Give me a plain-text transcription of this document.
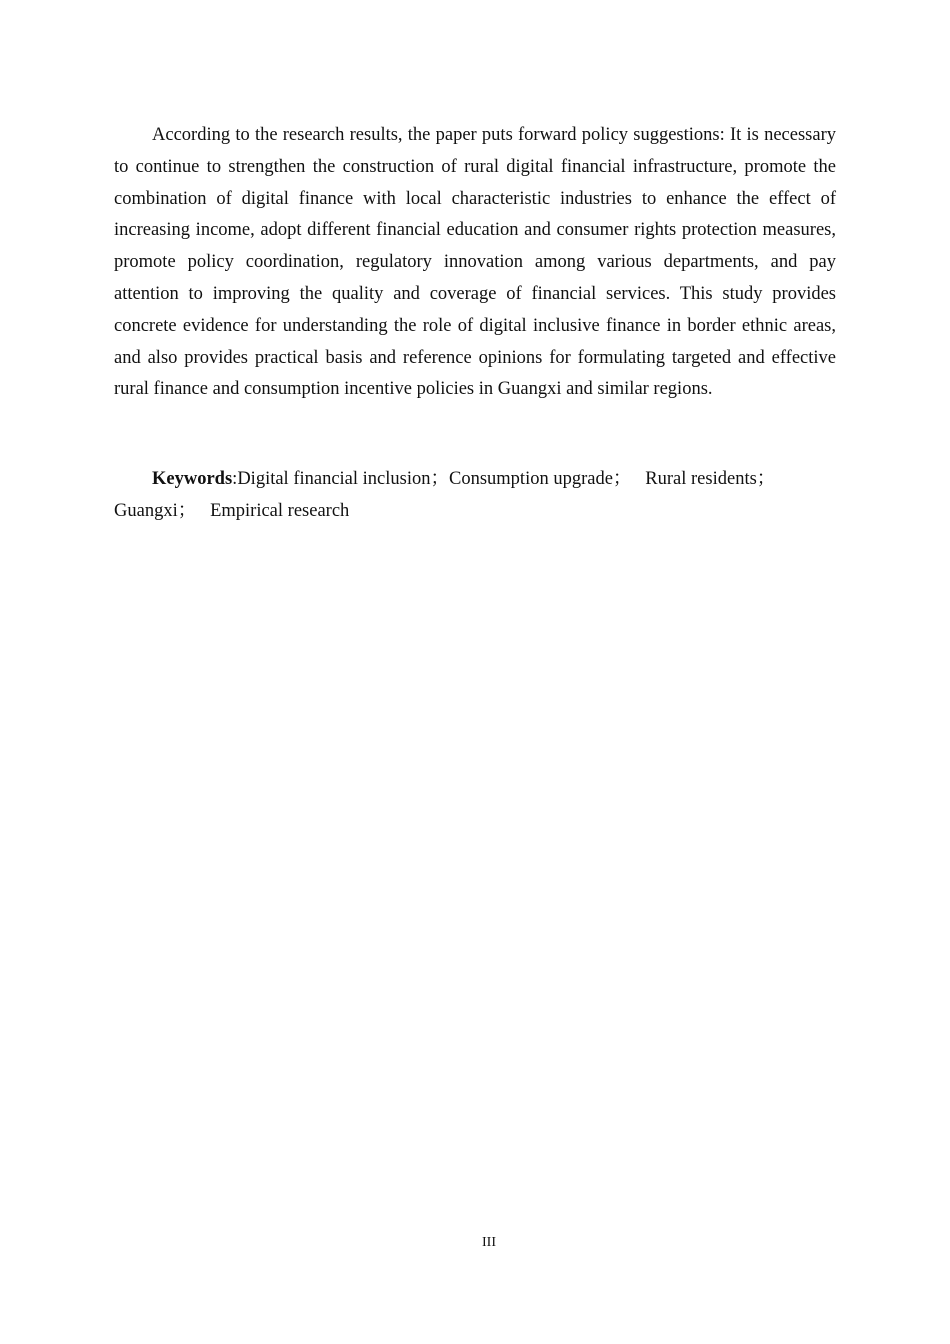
According to the research results, the paper puts forward policy suggestions: It is necessary to continue to strengthen the construction of rural digital financial infrastructure, promote the combination of digital finance with local characteristic industries to enhance the effect of increasing income, adopt different financial education and consumer rights protection measures, promote policy coordination, regulatory innovation among various departments, and pay attention to improving the quality and coverage of financial services. This study provides concrete evidence for understanding the role of digital inclusive finance in border ethnic areas, and also provides practical basis and reference opinions for formulating targeted and effective rural finance and consumption incentive policies in Guangxi and similar regions.

Keywords:Digital financial inclusion；Consumption upgrade；   Rural residents；Guangxi；   Empirical research

III
